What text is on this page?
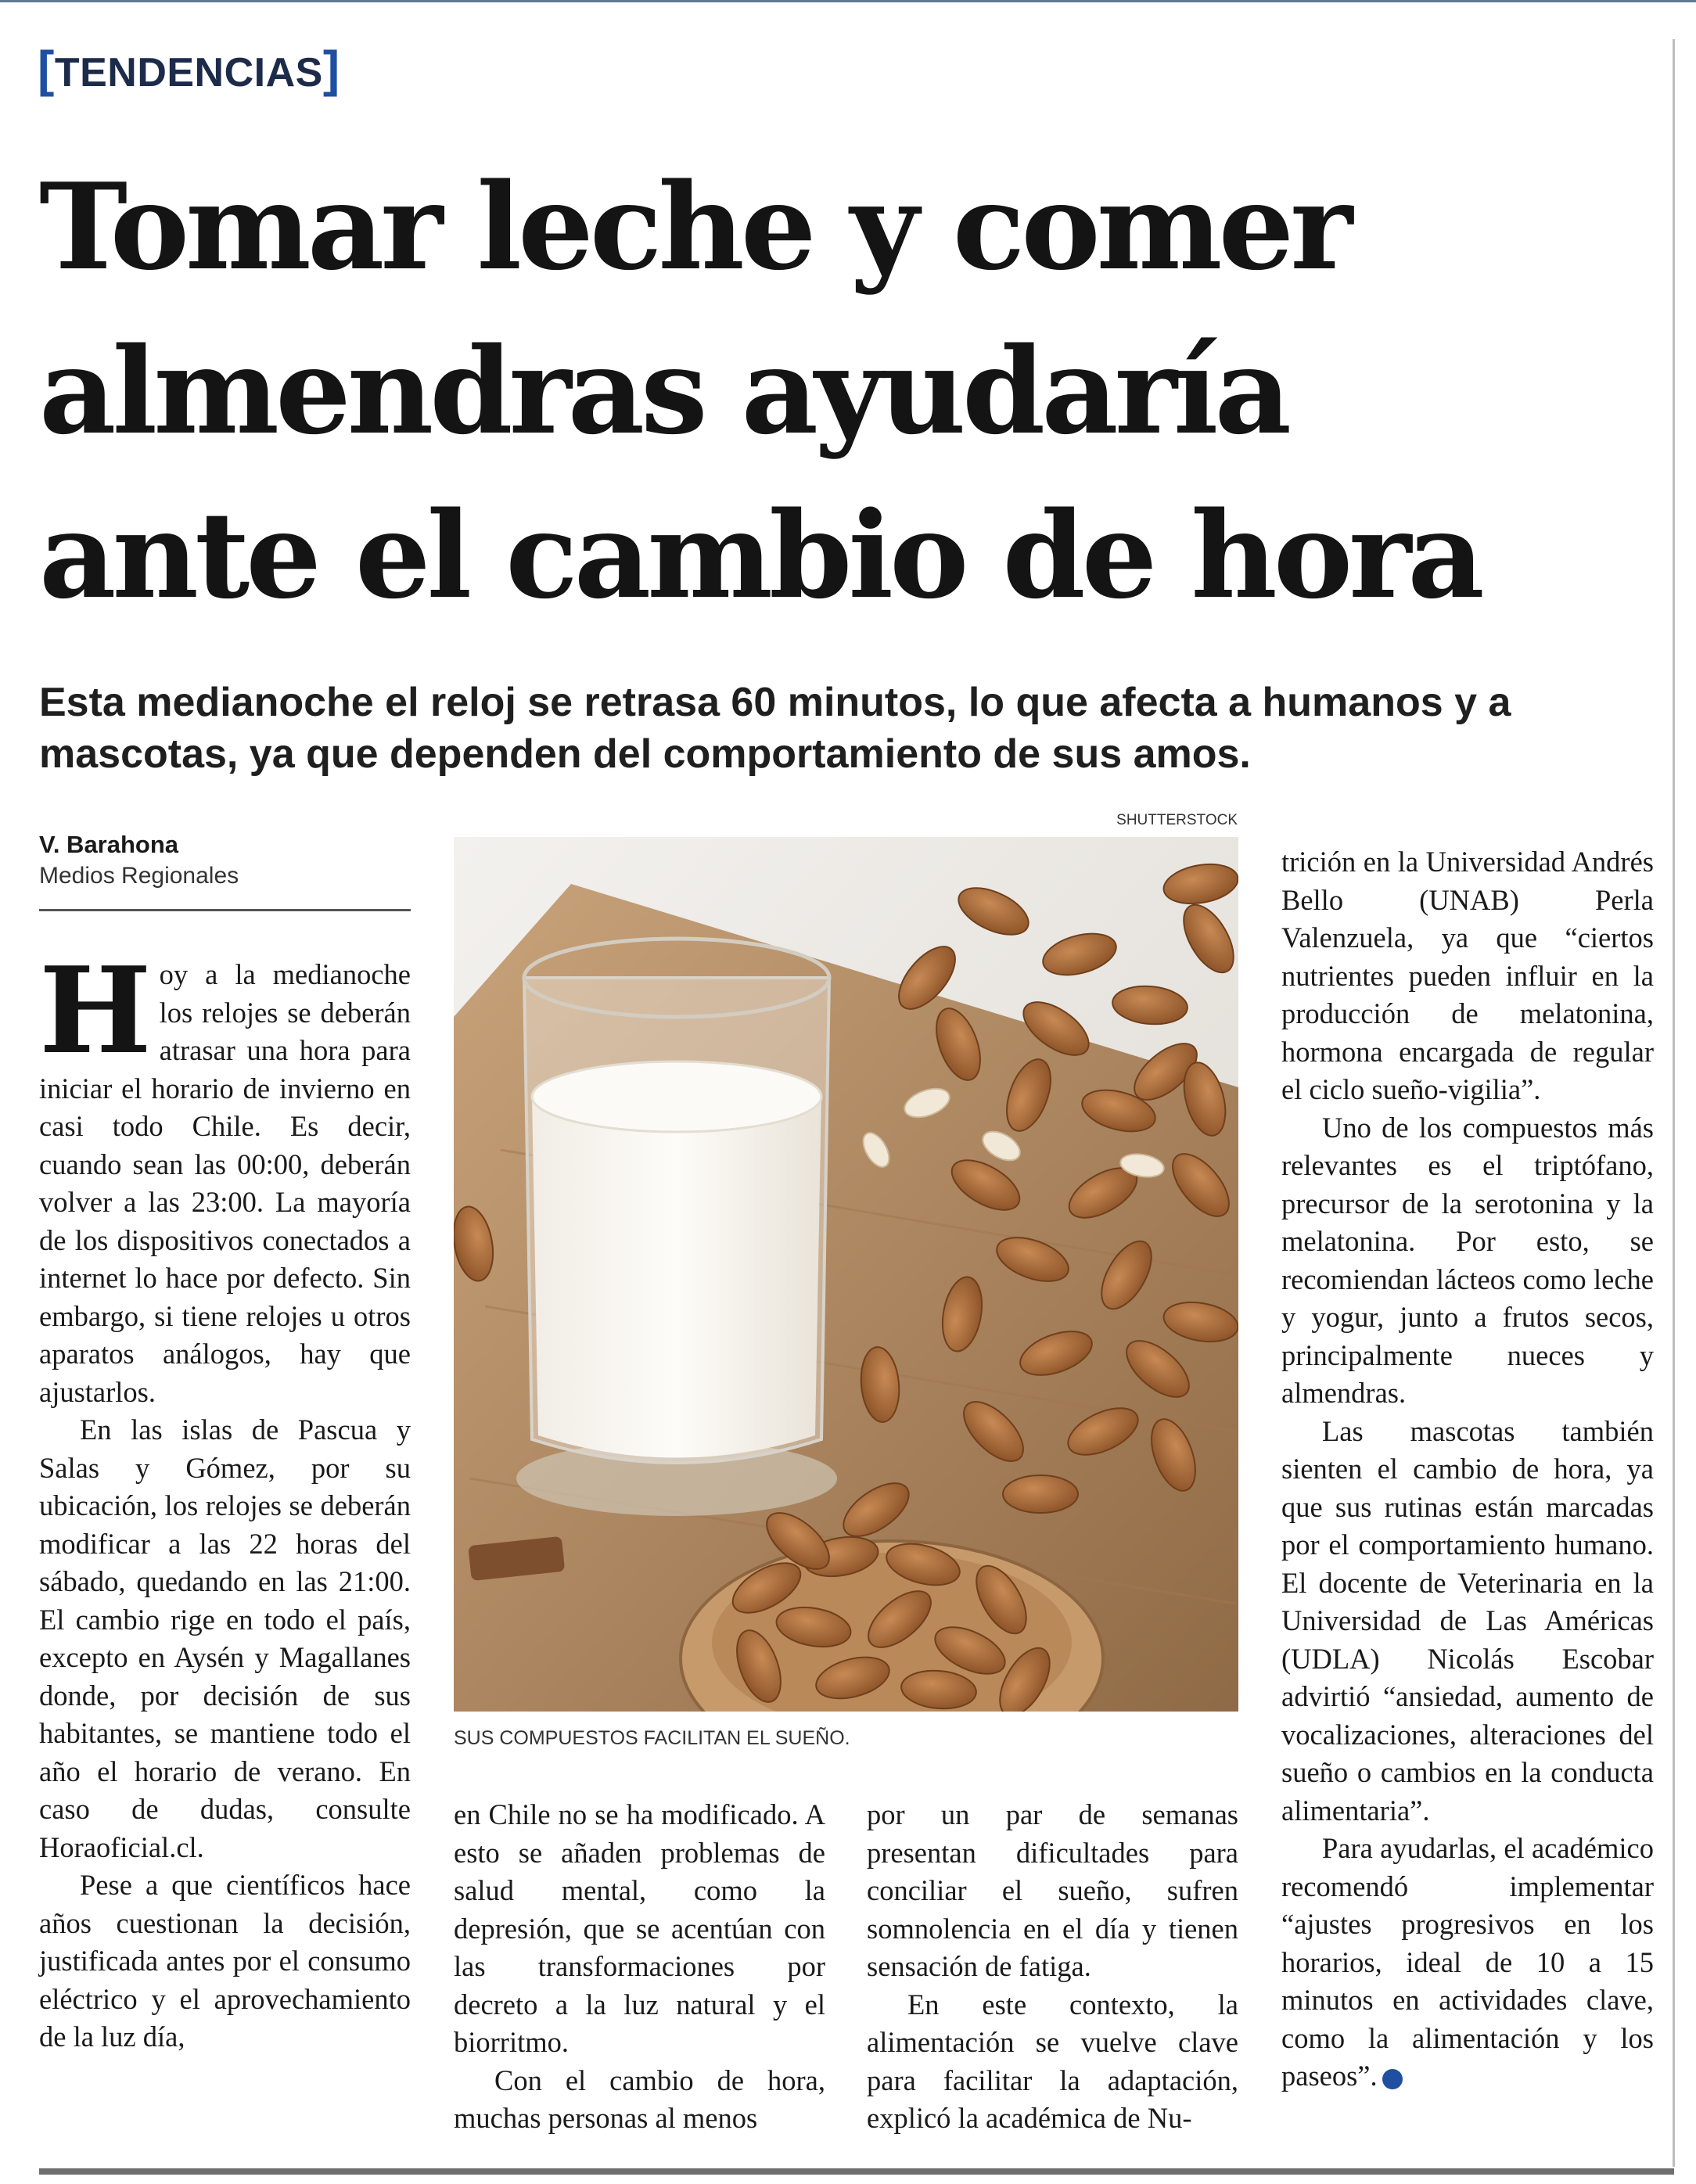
[TENDENCIAS]
Tomar leche y comer
almendras ayudaría
ante el cambio de hora
Esta medianoche el reloj se retrasa 60 minutos, lo que afecta a humanos y a mascotas, ya que dependen del comportamiento de sus amos.
V. Barahona
Medios Regionales

Hoy a la medianoche los relojes se deberán atrasar una hora para iniciar el horario de invierno en casi todo Chile. Es decir, cuando sean las 00:00, deberán volver a las 23:00. La mayoría de los dispositivos conectados a internet lo hace por defecto. Sin embargo, si tiene relojes u otros aparatos análogos, hay que ajustarlos.

En las islas de Pascua y Salas y Gómez, por su ubicación, los relojes se deberán modificar a las 22 horas del sábado, quedando en las 21:00. El cambio rige en todo el país, excepto en Aysén y Magallanes donde, por decisión de sus habitantes, se mantiene todo el año el horario de verano. En caso de dudas, consulte Horaoficial.cl.

Pese a que científicos hace años cuestionan la decisión, justificada antes por el consumo eléctrico y el aprovechamiento de la luz día,

SHUTTERSTOCK
SUS COMPUESTOS FACILITAN EL SUEÑO.

en Chile no se ha modificado. A esto se añaden problemas de salud mental, como la depresión, que se acentúan con las transformaciones por decreto a la luz natural y el biorritmo.

Con el cambio de hora, muchas personas al menos

por un par de semanas presentan dificultades para conciliar el sueño, sufren somnolencia en el día y tienen sensación de fatiga.

En este contexto, la alimentación se vuelve clave para facilitar la adaptación, explicó la académica de Nu-

trición en la Universidad Andrés Bello (UNAB) Perla Valenzuela, ya que “ciertos nutrientes pueden influir en la producción de melatonina, hormona encargada de regular el ciclo sueño-vigilia”.

Uno de los compuestos más relevantes es el triptófano, precursor de la serotonina y la melatonina. Por esto, se recomiendan lácteos como leche y yogur, junto a frutos secos, principalmente nueces y almendras.

Las mascotas también sienten el cambio de hora, ya que sus rutinas están marcadas por el comportamiento humano. El docente de Veterinaria en la Universidad de Las Américas (UDLA) Nicolás Escobar advirtió “ansiedad, aumento de vocalizaciones, alteraciones del sueño o cambios en la conducta alimentaria”.

Para ayudarlas, el académico recomendó implementar “ajustes progresivos en los horarios, ideal de 10 a 15 minutos en actividades clave, como la alimentación y los paseos”.	✪
